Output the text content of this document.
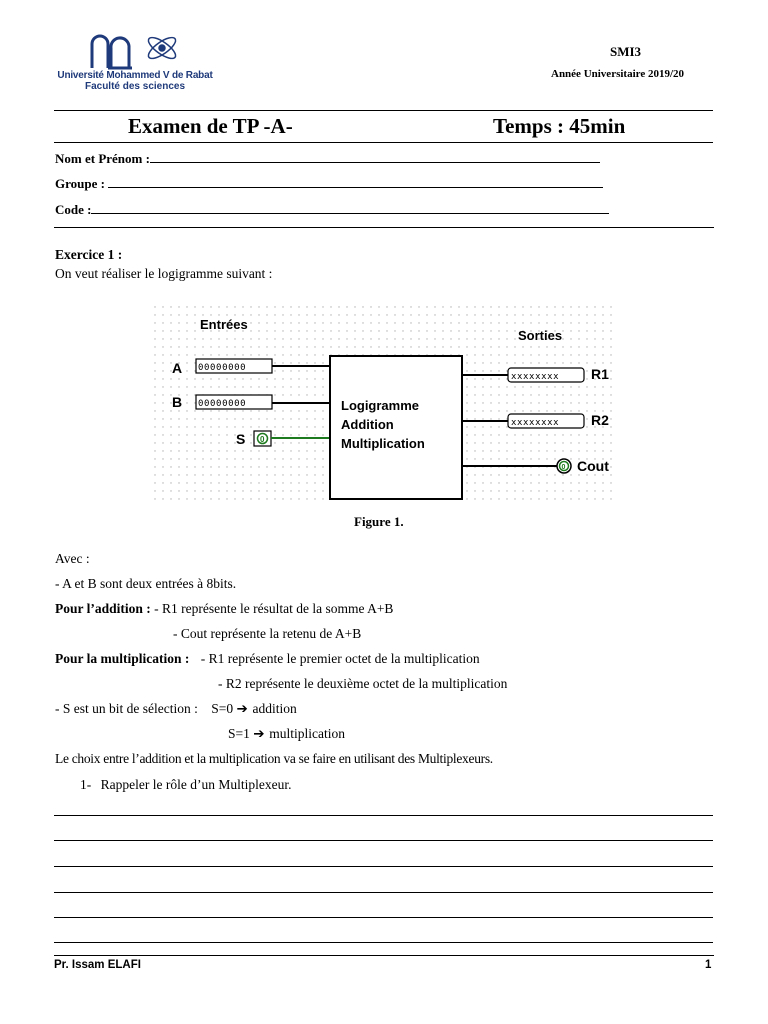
Université Mohammed V de Rabat
Faculté des sciences
SMI3
Année Universitaire 2019/20
Examen de TP -A-	Temps : 45min
Nom et Prénom :
Groupe :
Code :
Exercice 1 :
On veut réaliser le logigramme suivant :
Entrées
Sorties
A 00000000
B 00000000
S 0
Logigramme
Addition
Multiplication
xxxxxxxx R1
xxxxxxxx R2
0 Cout
Figure 1.
Avec :
- A et B sont deux entrées à 8bits.
Pour l’addition : - R1 représente le résultat de la somme A+B
- Cout représente la retenu de A+B
Pour la multiplication : - R1 représente le premier octet de la multiplication
- R2 représente le deuxième octet de la multiplication
- S est un bit de sélection : S=0 ➔ addition
S=1 ➔ multiplication
Le choix entre l’addition et la multiplication va se faire en utilisant des Multiplexeurs.
1- Rappeler le rôle d’un Multiplexeur.
Pr. Issam ELAFI	1
